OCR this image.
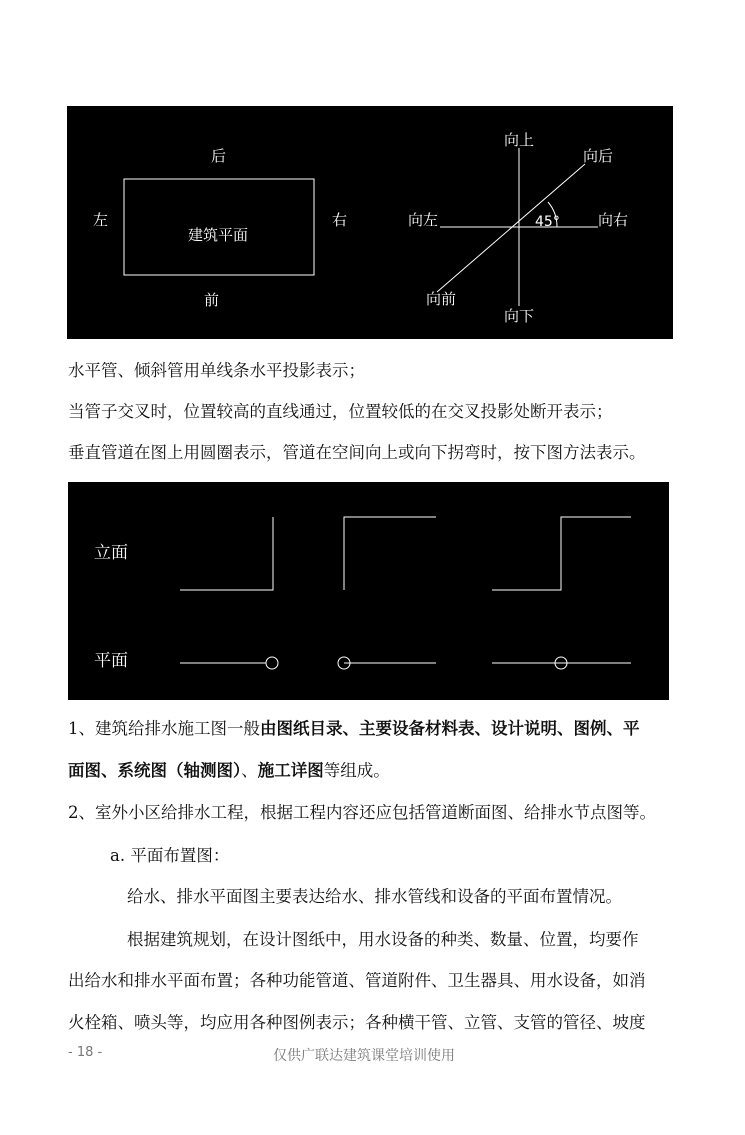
后
左	右
前
建筑平面
向上
向后
向左	45°	向右
向前
向下
水平管、倾斜管用单线条水平投影表示；
当管子交叉时，位置较高的直线通过，位置较低的在交叉投影处断开表示；
垂直管道在图上用圆圈表示，管道在空间向上或向下拐弯时，按下图方法表示。
立面
平面
1、建筑给排水施工图一般由图纸目录、主要设备材料表、设计说明、图例、平
面图、系统图（轴测图）、施工详图等组成。
2、室外小区给排水工程，根据工程内容还应包括管道断面图、给排水节点图等。
a. 平面布置图：
给水、排水平面图主要表达给水、排水管线和设备的平面布置情况。
根据建筑规划，在设计图纸中，用水设备的种类、数量、位置，均要作
出给水和排水平面布置；各种功能管道、管道附件、卫生器具、用水设备，如消
火栓箱、喷头等，均应用各种图例表示；各种横干管、立管、支管的管径、坡度
- 18 -	仅供广联达建筑课堂培训使用
